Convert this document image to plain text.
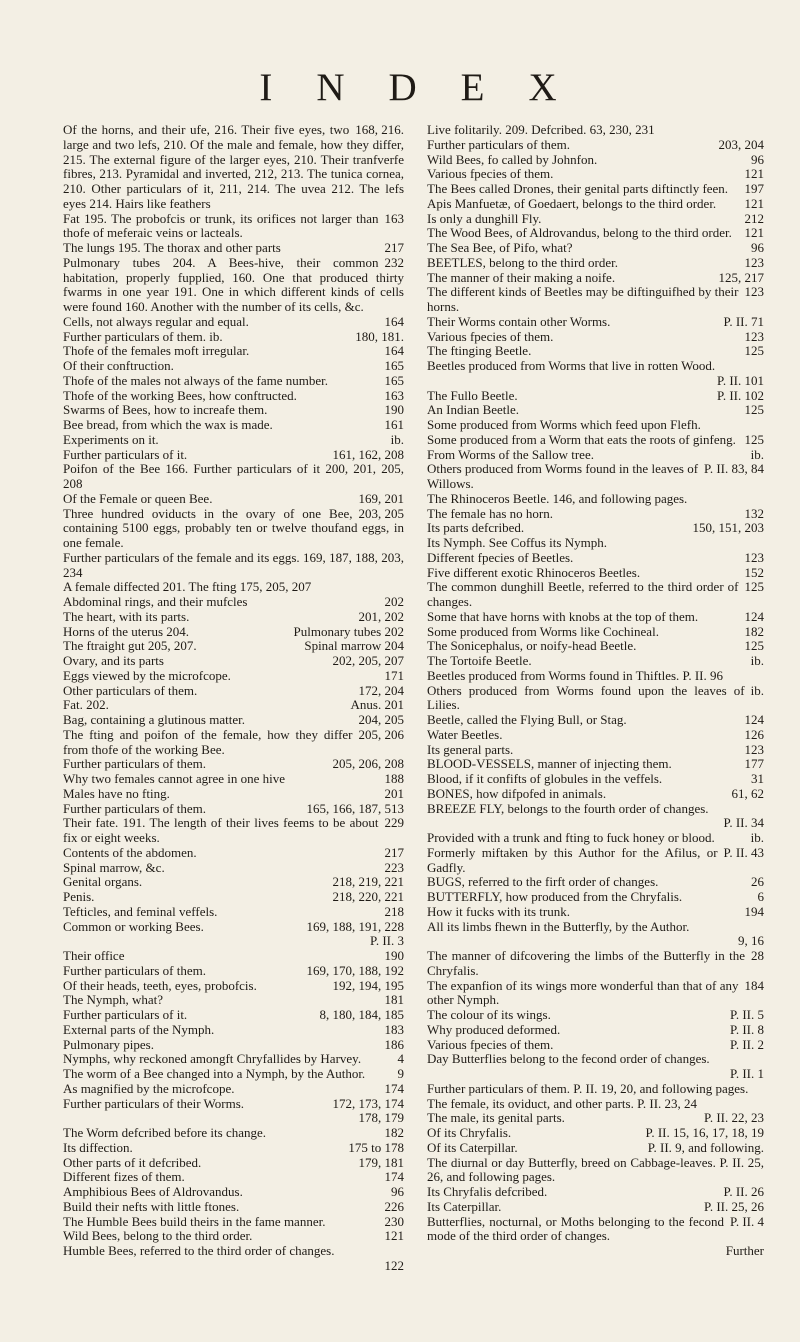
INDEX
168, 216.
Of the horns, and their ufe, 216. Their five eyes, two large and two lefs, 210. Of the male and female, how they differ, 215. The external figure of the larger eyes, 210. Their tranfverfe fibres, 213. Pyramidal and inverted, 212, 213. The tunica cornea, 210. Other particulars of it, 211, 214. The uvea 212. The lefs eyes 214. Hairs like feathers
163
Fat 195. The probofcis or trunk, its orifices not larger than thofe of meferaic veins or lacteals.
217
The lungs 195. The thorax and other parts
232
Pulmonary tubes 204. A Bees-hive, their common habitation, properly fupplied, 160. One that produced thirty fwarms in one year 191. One in which different kinds of cells were found 160. Another with the number of its cells, &c.
164
Cells, not always regular and equal.
180, 181.
Further particulars of them. ib.
164
Thofe of the females moft irregular.
165
Of their conftruction.
165
Thofe of the males not always of the fame number.
163
Thofe of the working Bees, how conftructed.
190
Swarms of Bees, how to increafe them.
161
Bee bread, from which the wax is made.
ib.
Experiments on it.
161, 162, 208
Further particulars of it.
Poifon of the Bee 166. Further particulars of it 200, 201, 205, 208
169, 201
Of the Female or queen Bee.
203, 205
Three hundred oviducts in the ovary of one Bee, containing 5100 eggs, probably ten or twelve thoufand eggs, in one female.
Further particulars of the female and its eggs. 169, 187, 188, 203, 234
A female diffected 201. The fting 175, 205, 207
202
Abdominal rings, and their mufcles
201, 202
The heart, with its parts.
Pulmonary tubes 202
Horns of the uterus 204.
Spinal marrow 204
The ftraight gut 205, 207.
202, 205, 207
Ovary, and its parts
171
Eggs viewed by the microfcope.
172, 204
Other particulars of them.
Anus. 201
Fat. 202.
204, 205
Bag, containing a glutinous matter.
205, 206
The fting and poifon of the female, how they differ from thofe of the working Bee.
205, 206, 208
Further particulars of them.
188
Why two females cannot agree in one hive
201
Males have no fting.
165, 166, 187, 513
Further particulars of them.
229
Their fate. 191. The length of their lives feems to be about fix or eight weeks.
217
Contents of the abdomen.
223
Spinal marrow, &c.
218, 219, 221
Genital organs.
218, 220, 221
Penis.
218
Tefticles, and feminal veffels.
169, 188, 191, 228
Common or working Bees.
P. II. 3

190
Their office
169, 170, 188, 192
Further particulars of them.
192, 194, 195
Of their heads, teeth, eyes, probofcis.
181
The Nymph, what?
8, 180, 184, 185
Further particulars of it.
183
External parts of the Nymph.
186
Pulmonary pipes.
4
Nymphs, why reckoned amongft Chryfallides by Harvey.
9
The worm of a Bee changed into a Nymph, by the Author.
174
As magnified by the microfcope.
172, 173, 174
Further particulars of their Worms.
178, 179

182
The Worm defcribed before its change.
175 to 178
Its diffection.
179, 181
Other parts of it defcribed.
174
Different fizes of them.
96
Amphibious Bees of Aldrovandus.
226
Build their nefts with little ftones.
230
The Humble Bees build theirs in the fame manner.
121
Wild Bees, belong to the third order.
Humble Bees, referred to the third order of changes.
122

Live folitarily. 209. Defcribed. 63, 230, 231
203, 204
Further particulars of them.
96
Wild Bees, fo called by Johnfon.
121
Various fpecies of them.
197
The Bees called Drones, their genital parts diftinctly feen.
121
Apis Manfuetæ, of Goedaert, belongs to the third order.
212
Is only a dunghill Fly.
121
The Wood Bees, of Aldrovandus, belong to the third order.
96
The Sea Bee, of Pifo, what?
123
BEETLES, belong to the third order.
125, 217
The manner of their making a noife.
123
The different kinds of Beetles may be diftinguifhed by their horns.
P. II. 71
Their Worms contain other Worms.
123
Various fpecies of them.
125
The ftinging Beetle.
Beetles produced from Worms that live in rotten Wood.
P. II. 101

P. II. 102
The Fullo Beetle.
125
An Indian Beetle.
Some produced from Worms which feed upon Flefh.
125
Some produced from a Worm that eats the roots of ginfeng.
ib.
From Worms of the Sallow tree.
P. II. 83, 84
Others produced from Worms found in the leaves of Willows.
The Rhinoceros Beetle. 146, and following pages.
132
The female has no horn.
150, 151, 203
Its parts defcribed.
Its Nymph. See Coffus its Nymph.
123
Different fpecies of Beetles.
152
Five different exotic Rhinoceros Beetles.
125
The common dunghill Beetle, referred to the third order of changes.
124
Some that have horns with knobs at the top of them.
182
Some produced from Worms like Cochineal.
125
The Sonicephalus, or noify-head Beetle.
ib.
The Tortoife Beetle.
Beetles produced from Worms found in Thiftles. P. II. 96
ib.
Others produced from Worms found upon the leaves of Lilies.
124
Beetle, called the Flying Bull, or Stag.
126
Water Beetles.
123
Its general parts.
177
BLOOD-VESSELS, manner of injecting them.
31
Blood, if it confifts of globules in the veffels.
61, 62
BONES, how difpofed in animals.
BREEZE FLY, belongs to the fourth order of changes.
P. II. 34

ib.
Provided with a trunk and fting to fuck honey or blood.
P. II. 43
Formerly miftaken by this Author for the Afilus, or Gadfly.
26
BUGS, referred to the firft order of changes.
6
BUTTERFLY, how produced from the Chryfalis.
194
How it fucks with its trunk.
All its limbs fhewn in the Butterfly, by the Author.
9, 16

28
The manner of difcovering the limbs of the Butterfly in the Chryfalis.
184
The expanfion of its wings more wonderful than that of any other Nymph.
P. II. 5
The colour of its wings.
P. II. 8
Why produced deformed.
P. II. 2
Various fpecies of them.
Day Butterflies belong to the fecond order of changes.
P. II. 1

Further particulars of them. P. II. 19, 20, and following pages.
The female, its oviduct, and other parts. P. II. 23, 24
P. II. 22, 23
The male, its genital parts.
P. II. 15, 16, 17, 18, 19
Of its Chryfalis.
P. II. 9, and following.
Of its Caterpillar.
The diurnal or day Butterfly, breed on Cabbage-leaves. P. II. 25, 26, and following pages.
P. II. 26
Its Chryfalis defcribed.
P. II. 25, 26
Its Caterpillar.
P. II. 4
Butterflies, nocturnal, or Moths belonging to the fecond mode of the third order of changes.
Further
